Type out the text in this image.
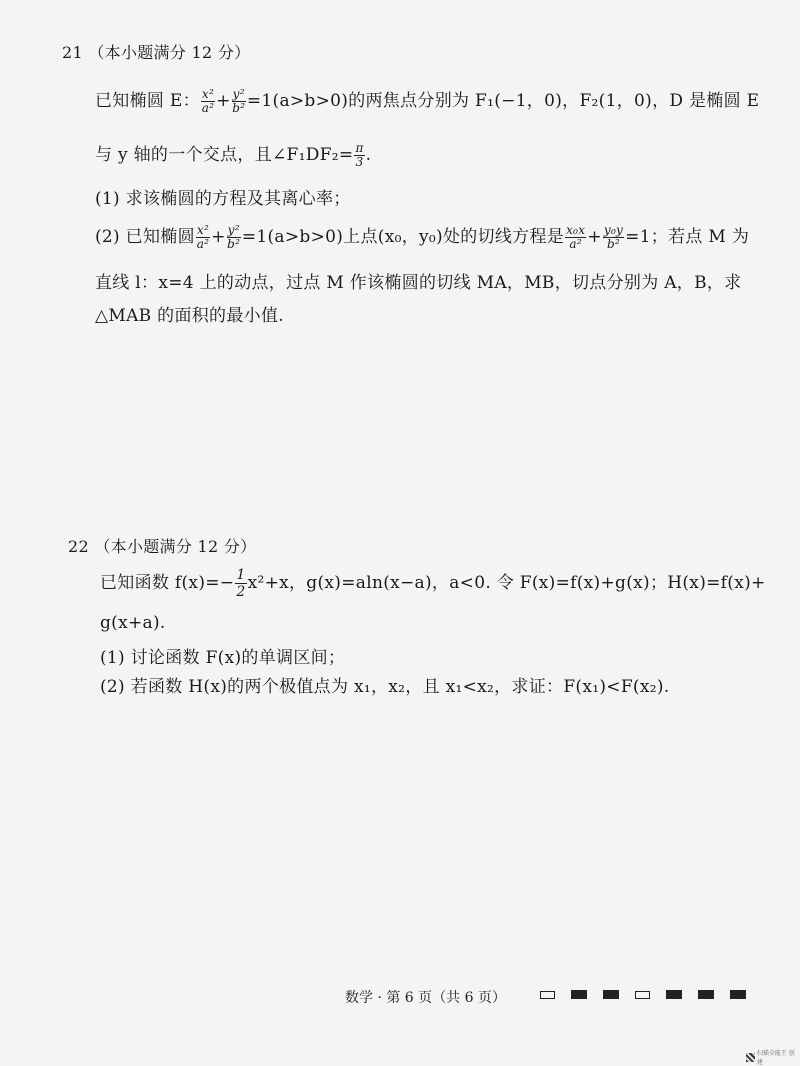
21 （本小题满分 12 分）
已知椭圆 E： $\frac{\text{x²}}{\text{a²}} + \frac{\text{y²}}{\text{b²}} =1(a>b>0)$的两焦点分别为 F₁(−1，0)，F₂(1，0)，D 是椭圆 E
与 y 轴的一个交点，且∠F₁DF₂= $\frac{\pi}{3}$ .
(1) 求该椭圆的方程及其离心率；
(2) 已知椭圆 $\frac{\text{x²}}{\text{a²}} + \frac{\text{y²}}{\text{b²}} =1(a>b>0)$上点(x₀，y₀)处的切线方程是 $\frac{\text{x₀x}}{\text{a²}} + \frac{\text{y₀y}}{\text{b²}} =1$；若点 M 为
直线 l：x=4 上的动点，过点 M 作该椭圆的切线 MA，MB，切点分别为 A，B，求
△MAB 的面积的最小值.
22 （本小题满分 12 分）
已知函数 $f(x)=- \frac{1}{2} x^2+x$，g(x)=aln(x−a)，a<0. 令 F(x)=f(x)+g(x)；H(x)=f(x)+
g(x+a).
(1) 讨论函数 F(x)的单调区间；
(2) 若函数 H(x)的两个极值点为 x₁，x₂，且 x₁<x₂，求证：F(x₁)<F(x₂).
数学 · 第 6 页（共 6 页）
扫描全能王 创建
